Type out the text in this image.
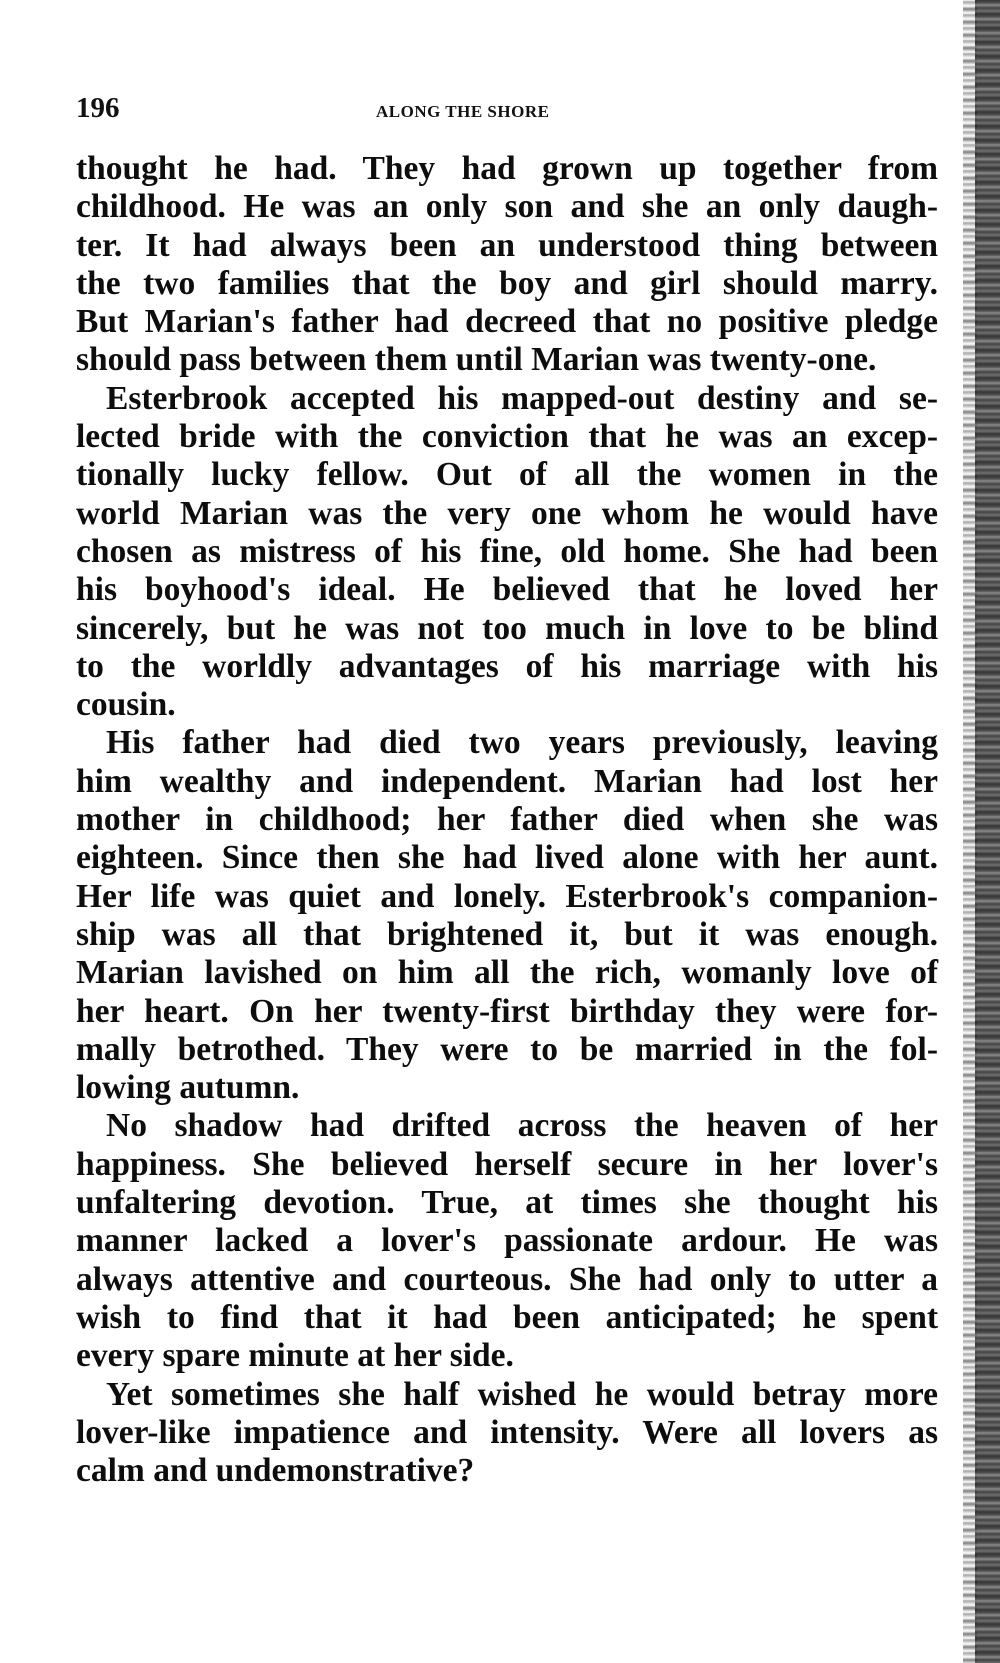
196	ALONG THE SHORE

thought he had. They had grown up together from
childhood. He was an only son and she an only daugh-
ter. It had always been an understood thing between
the two families that the boy and girl should marry.
But Marian's father had decreed that no positive pledge
should pass between them until Marian was twenty-one.

Esterbrook accepted his mapped-out destiny and se-
lected bride with the conviction that he was an excep-
tionally lucky fellow. Out of all the women in the
world Marian was the very one whom he would have
chosen as mistress of his fine, old home. She had been
his boyhood's ideal. He believed that he loved her
sincerely, but he was not too much in love to be blind
to the worldly advantages of his marriage with his
cousin.

His father had died two years previously, leaving
him wealthy and independent. Marian had lost her
mother in childhood; her father died when she was
eighteen. Since then she had lived alone with her aunt.
Her life was quiet and lonely. Esterbrook's companion-
ship was all that brightened it, but it was enough.
Marian lavished on him all the rich, womanly love of
her heart. On her twenty-first birthday they were for-
mally betrothed. They were to be married in the fol-
lowing autumn.

No shadow had drifted across the heaven of her
happiness. She believed herself secure in her lover's
unfaltering devotion. True, at times she thought his
manner lacked a lover's passionate ardour. He was
always attentive and courteous. She had only to utter a
wish to find that it had been anticipated; he spent
every spare minute at her side.

Yet sometimes she half wished he would betray more
lover-like impatience and intensity. Were all lovers as
calm and undemonstrative?
